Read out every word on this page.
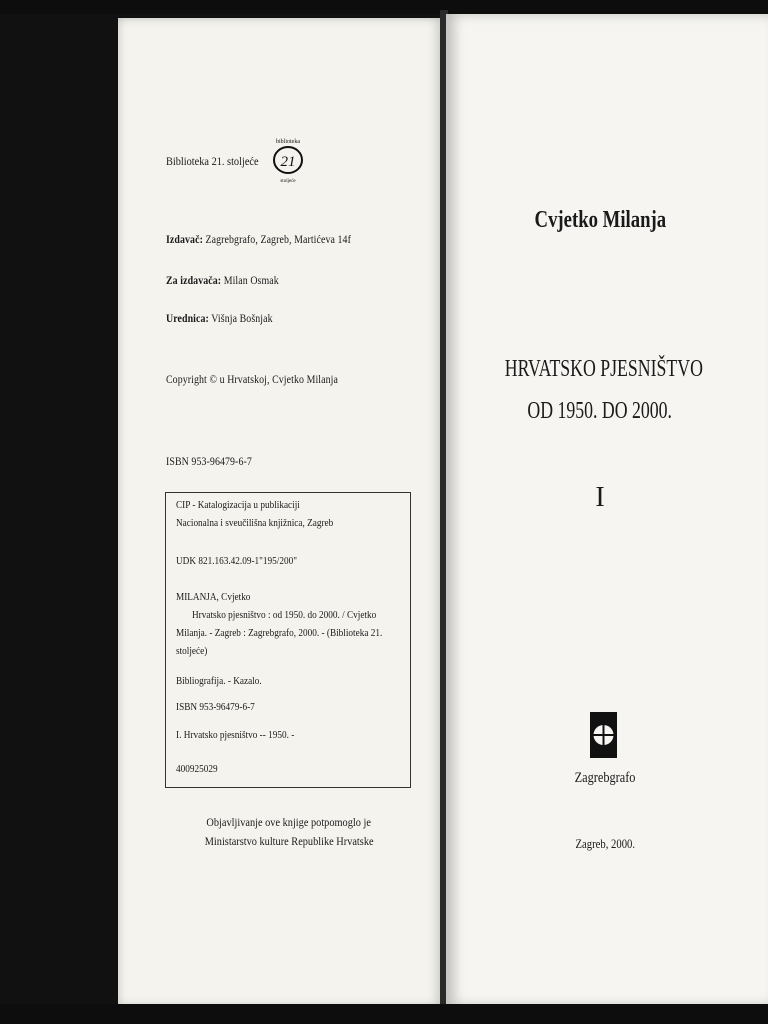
Biblioteka 21. stoljeće 21
biblioteka
stoljeće
Izdavač: Zagrebgrafo, Zagreb, Martićeva 14f
Za izdavača: Milan Osmak
Urednica: Višnja Bošnjak
Copyright © u Hrvatskoj, Cvjetko Milanja
ISBN 953-96479-6-7
CIP - Katalogizacija u publikaciji
Nacionalna i sveučilišna knjižnica, Zagreb
UDK 821.163.42.09-1"195/200"
MILANJA, Cvjetko
Hrvatsko pjesništvo : od 1950. do 2000. / Cvjetko
Milanja. - Zagreb : Zagrebgrafo, 2000. - (Biblioteka 21.
stoljeće)
Bibliografija. - Kazalo.
ISBN 953-96479-6-7
I. Hrvatsko pjesništvo -- 1950. -
400925029
Objavljivanje ove knjige potpomoglo je
Ministarstvo kulture Republike Hrvatske
Cvjetko Milanja
HRVATSKO PJESNIŠTVO
OD 1950. DO 2000.
I
Zagrebgrafo
Zagreb, 2000.
